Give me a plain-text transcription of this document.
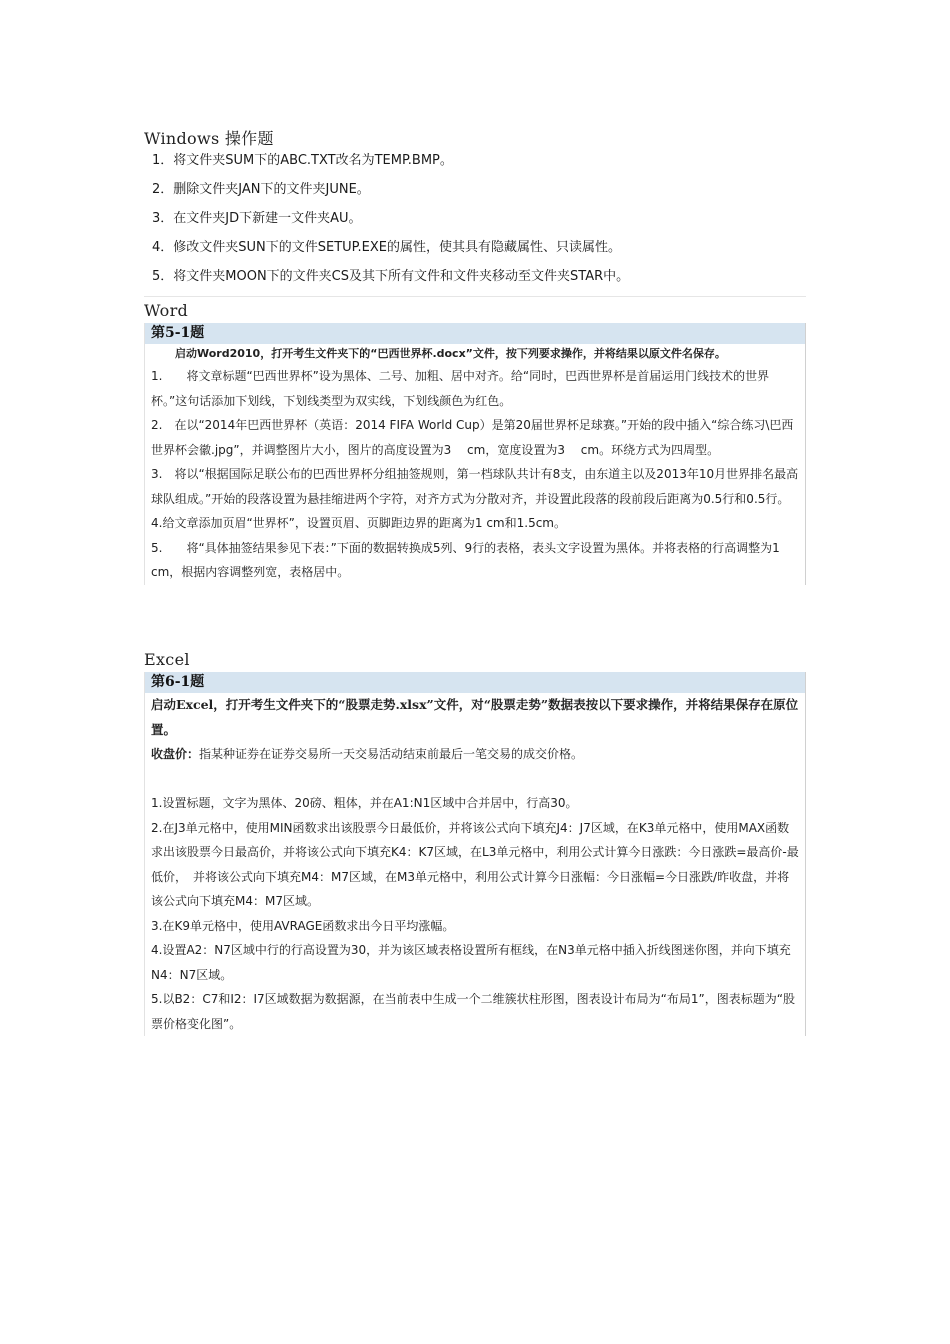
Windows 操作题
1．将文件夹SUM下的ABC.TXT改名为TEMP.BMP。
2．删除文件夹JAN下的文件夹JUNE。
3．在文件夹JD下新建一文件夹AU。
4．修改文件夹SUN下的文件SETUP.EXE的属性，使其具有隐藏属性、只读属性。
5．将文件夹MOON下的文件夹CS及其下所有文件和文件夹移动至文件夹STAR中。
Word
第5-1题
启动Word2010，打开考生文件夹下的“巴西世界杯.docx”文件，按下列要求操作，并将结果以原文件名保存。

1.　　将文章标题“巴西世界杯”设为黑体、二号、加粗、居中对齐。给“同时，巴西世界杯是首届运用门线技术的世界杯。”这句话添加下划线，下划线类型为双实线，下划线颜色为红色。

2.　在以“2014年巴西世界杯（英语：2014 FIFA World Cup）是第20届世界杯足球赛。”开始的段中插入“综合练习\巴西世界杯会徽.jpg”，并调整图片大小，图片的高度设置为3　 cm，宽度设置为3　 cm。环绕方式为四周型。

3.　将以“根据国际足联公布的巴西世界杯分组抽签规则，第一档球队共计有8支，由东道主以及2013年10月世界排名最高球队组成。”开始的段落设置为悬挂缩进两个字符，对齐方式为分散对齐，并设置此段落的段前段后距离为0.5行和0.5行。

4.给文章添加页眉“世界杯”，设置页眉、页脚距边界的距离为1 cm和1.5cm。

5.　　将“具体抽签结果参见下表：”下面的数据转换成5列、9行的表格，表头文字设置为黑体。并将表格的行高调整为1 cm，根据内容调整列宽，表格居中。

Excel
第6-1题
启动Excel，打开考生文件夹下的“股票走势.xlsx”文件，对“股票走势”数据表按以下要求操作，并将结果保存在原位置。
收盘价：指某种证券在证券交易所一天交易活动结束前最后一笔交易的成交价格。

1.设置标题，文字为黑体、20磅、粗体，并在A1:N1区域中合并居中，行高30。

2.在J3单元格中，使用MIN函数求出该股票今日最低价，并将该公式向下填充J4：J7区域，在K3单元格中，使用MAX函数求出该股票今日最高价，并将该公式向下填充K4：K7区域，在L3单元格中，利用公式计算今日涨跌：今日涨跌=最高价-最低价，　并将该公式向下填充M4：M7区域，在M3单元格中，利用公式计算今日涨幅：今日涨幅=今日涨跌/昨收盘，并将该公式向下填充M4：M7区域。

3.在K9单元格中，使用AVRAGE函数求出今日平均涨幅。

4.设置A2：N7区域中行的行高设置为30，并为该区域表格设置所有框线，在N3单元格中插入折线图迷你图，并向下填充N4：N7区域。

5.以B2：C7和I2：I7区域数据为数据源，在当前表中生成一个二维簇状柱形图，图表设计布局为“布局1”，图表标题为“股票价格变化图”。
